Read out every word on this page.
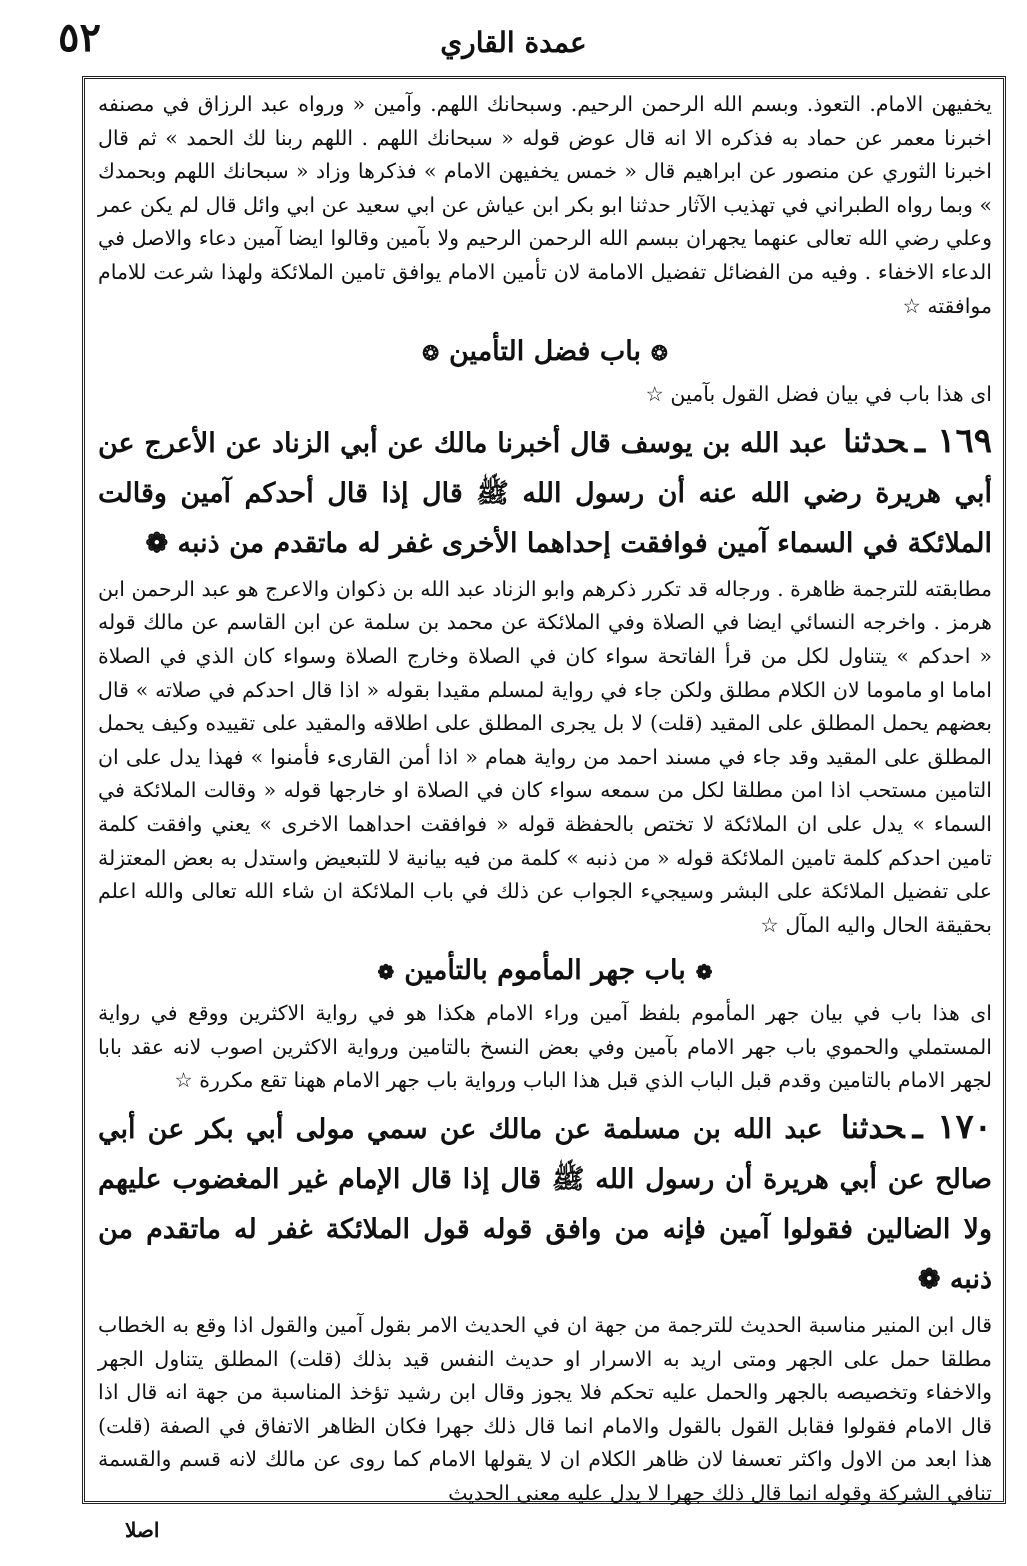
٥٢	عمدة القاري

يخفيهن الامام. التعوذ. وبسم الله الرحمن الرحيم. وسبحانك اللهم. وآمين « ورواه عبد الرزاق في مصنفه اخبرنا معمر عن حماد به فذكره الا انه قال عوض قوله « سبحانك اللهم . اللهم ربنا لك الحمد » ثم قال اخبرنا الثوري عن منصور عن ابراهيم قال « خمس يخفيهن الامام » فذكرها وزاد « سبحانك اللهم وبحمدك » وبما رواه الطبراني في تهذيب الآثار حدثنا ابو بكر ابن عياش عن ابي سعيد عن ابي وائل قال لم يكن عمر وعلي رضي الله تعالى عنهما يجهران ببسم الله الرحمن الرحيم ولا بآمين وقالوا ايضا آمين دعاء والاصل في الدعاء الاخفاء . وفيه من الفضائل تفضيل الامامة لان تأمين الامام يوافق تامين الملائكة ولهذا شرعت للامام موافقته ☆

❂باب فضل التأمين❂

اى هذا باب في بيان فضل القول بآمين ☆

١٦٩ ـحدثنا عبد الله بن يوسف قال أخبرنا مالك عن أبي الزناد عن الأعرج عن أبي هريرة رضي الله عنه أن رسول الله ﷺ قال إذا قال أحدكم آمين وقالت الملائكة في السماء آمين فوافقت إحداهما الأخرى غفر له ماتقدم من ذنبه ❁

مطابقته للترجمة ظاهرة . ورجاله قد تكرر ذكرهم وابو الزناد عبد الله بن ذكوان والاعرج هو عبد الرحمن ابن هرمز . واخرجه النسائي ايضا في الصلاة وفي الملائكة عن محمد بن سلمة عن ابن القاسم عن مالك قوله « احدكم » يتناول لكل من قرأ الفاتحة سواء كان في الصلاة وخارج الصلاة وسواء كان الذي في الصلاة اماما او ماموما لان الكلام مطلق ولكن جاء في رواية لمسلم مقيدا بقوله « اذا قال احدكم في صلاته » قال بعضهم يحمل المطلق على المقيد (قلت) لا بل يجرى المطلق على اطلاقه والمقيد على تقييده وكيف يحمل المطلق على المقيد وقد جاء في مسند احمد من رواية همام « اذا أمن القارىء فأمنوا » فهذا يدل على ان التامين مستحب اذا امن مطلقا لكل من سمعه سواء كان في الصلاة او خارجها قوله « وقالت الملائكة في السماء » يدل على ان الملائكة لا تختص بالحفظة قوله « فوافقت احداهما الاخرى » يعني وافقت كلمة تامين احدكم كلمة تامين الملائكة قوله « من ذنبه » كلمة من فيه بيانية لا للتبعيض واستدل به بعض المعتزلة على تفضيل الملائكة على البشر وسيجيء الجواب عن ذلك في باب الملائكة ان شاء الله تعالى والله اعلم بحقيقة الحال واليه المآل ☆

❁باب جهر المأموم بالتأمين❁

اى هذا باب في بيان جهر المأموم بلفظ آمين وراء الامام هكذا هو في رواية الاكثرين ووقع في رواية المستملي والحموي باب جهر الامام بآمين وفي بعض النسخ بالتامين ورواية الاكثرين اصوب لانه عقد بابا لجهر الامام بالتامين وقدم قبل الباب الذي قبل هذا الباب ورواية باب جهر الامام ههنا تقع مكررة ☆

١٧٠ ـحدثنا عبد الله بن مسلمة عن مالك عن سمي مولى أبي بكر عن أبي صالح عن أبي هريرة أن رسول الله ﷺ قال إذا قال الإمام غير المغضوب عليهم ولا الضالين فقولوا آمين فإنه من وافق قوله قول الملائكة غفر له ماتقدم من ذنبه ❁

قال ابن المنير مناسبة الحديث للترجمة من جهة ان في الحديث الامر بقول آمين والقول اذا وقع به الخطاب مطلقا حمل على الجهر ومتى اريد به الاسرار او حديث النفس قيد بذلك (قلت) المطلق يتناول الجهر والاخفاء وتخصيصه بالجهر والحمل عليه تحكم فلا يجوز وقال ابن رشيد تؤخذ المناسبة من جهة انه قال اذا قال الامام فقولوا فقابل القول بالقول والامام انما قال ذلك جهرا فكان الظاهر الاتفاق في الصفة (قلت) هذا ابعد من الاول واكثر تعسفا لان ظاهر الكلام ان لا يقولها الامام كما روى عن مالك لانه قسم والقسمة تنافي الشركة وقوله انما قال ذلك جهرا لا يدل عليه معنى الحديث

اصلا
